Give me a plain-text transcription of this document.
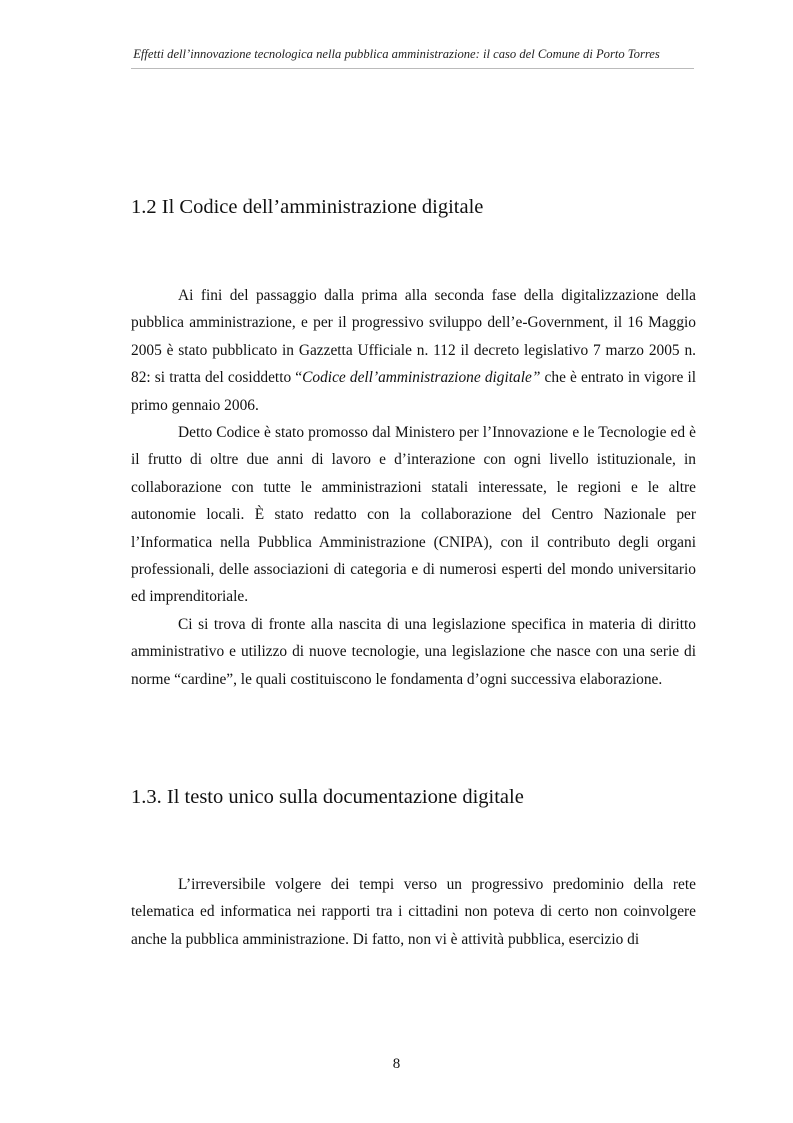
Effetti dell’innovazione tecnologica nella pubblica amministrazione: il caso del Comune di Porto Torres
1.2 Il Codice dell’amministrazione digitale

Ai fini del passaggio dalla prima alla seconda fase della digitalizzazione della pubblica amministrazione, e per il progressivo sviluppo dell’e-Government, il 16 Maggio 2005 è stato pubblicato in Gazzetta Ufficiale n. 112 il decreto legislativo 7 marzo 2005 n. 82: si tratta del cosiddetto “Codice dell’amministrazione digitale” che è entrato in vigore il primo gennaio 2006.

Detto Codice è stato promosso dal Ministero per l’Innovazione e le Tecnologie ed è il frutto di oltre due anni di lavoro e d’interazione con ogni livello istituzionale, in collaborazione con tutte le amministrazioni statali interessate, le regioni e le altre autonomie locali. È stato redatto con la collaborazione del Centro Nazionale per l’Informatica nella Pubblica Amministrazione (CNIPA), con il contributo degli organi professionali, delle associazioni di categoria e di numerosi esperti del mondo universitario ed imprenditoriale.

Ci si trova di fronte alla nascita di una legislazione specifica in materia di diritto amministrativo e utilizzo di nuove tecnologie, una legislazione che nasce con una serie di norme “cardine”, le quali costituiscono le fondamenta d’ogni successiva elaborazione.

1.3. Il testo unico sulla documentazione digitale

L’irreversibile volgere dei tempi verso un progressivo predominio della rete telematica ed informatica nei rapporti tra i cittadini non poteva di certo non coinvolgere anche la pubblica amministrazione. Di fatto, non vi è attività pubblica, esercizio di

8
